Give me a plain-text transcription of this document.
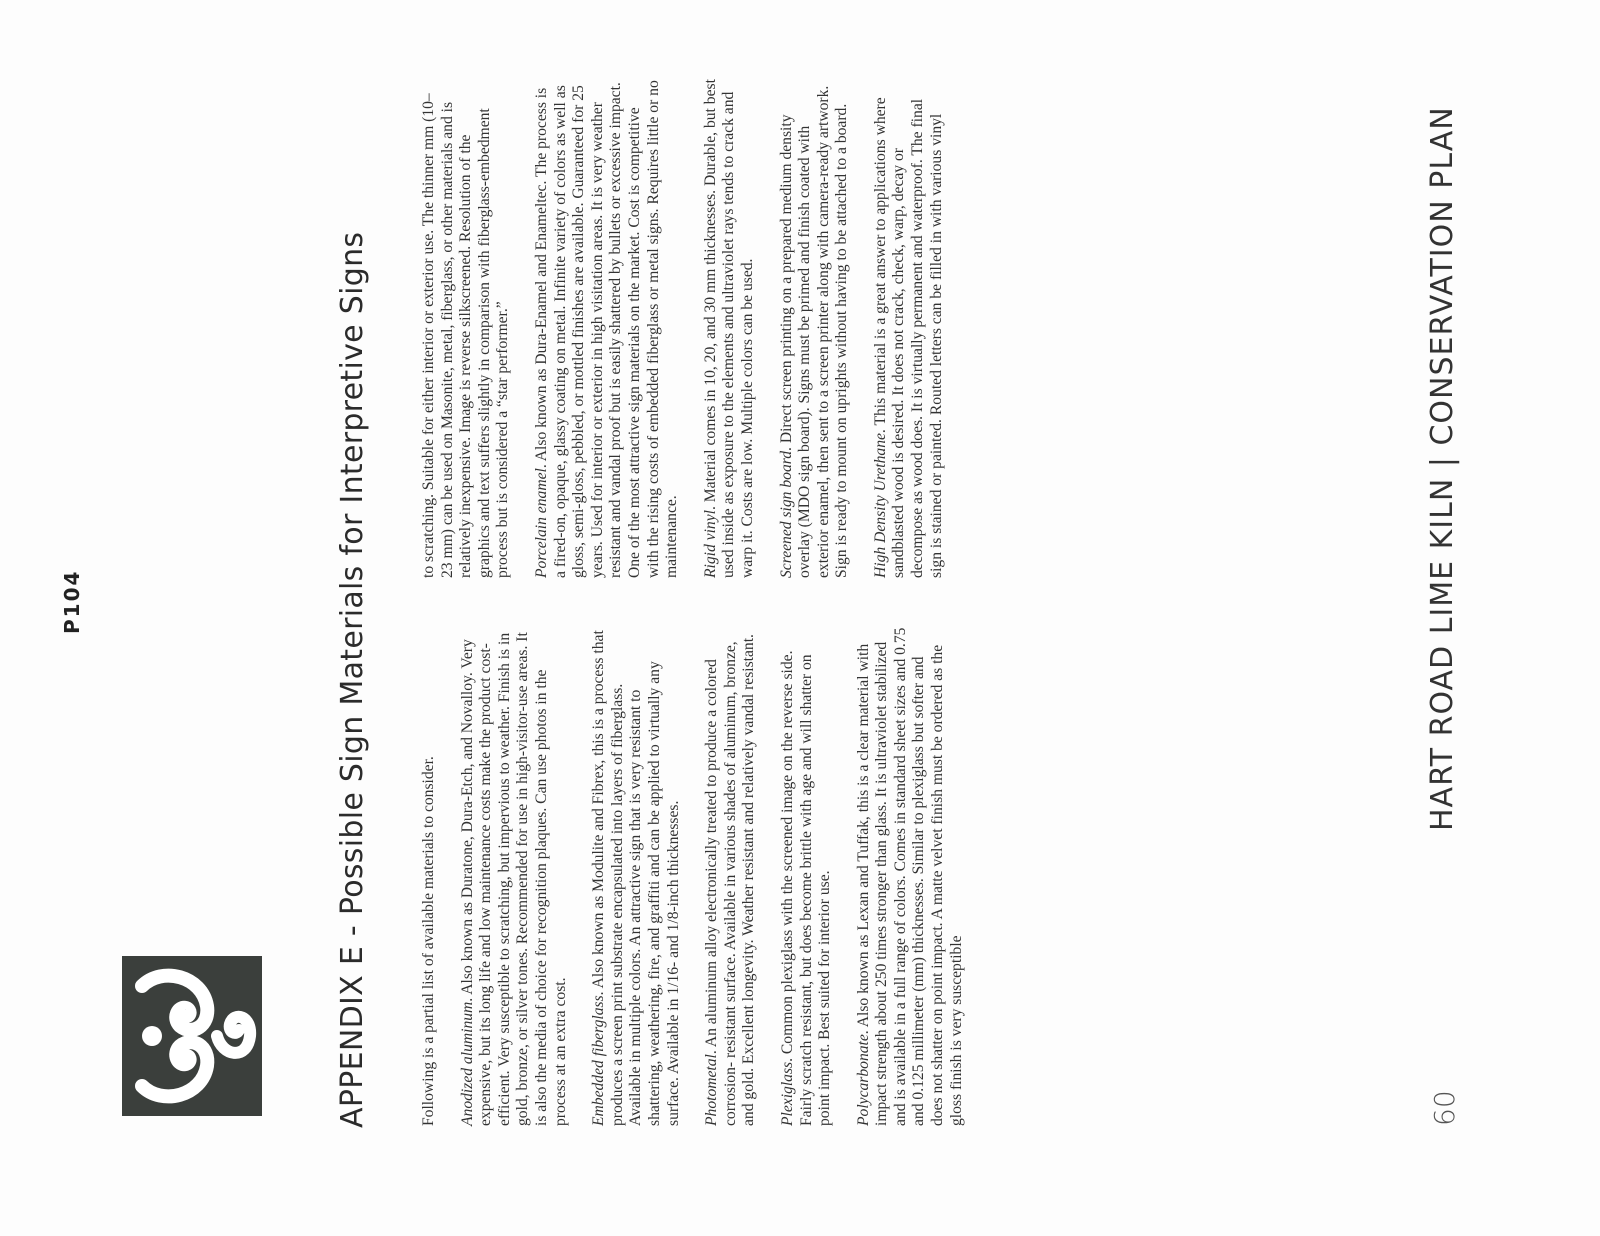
P104	APPENDIX E - Possible Sign Materials for Interpretive Signs	Following is a partial list of available materials to consider. Anodized aluminum. Also known as Duratone, Dura-Etch, and Novalloy. Very expensive, but its long life and low maintenance costs make the product cost-efficient. Very susceptible to scratching, but impervious to weather. Finish is in gold, bronze, or silver tones. Recommended for use in high-visitor-use areas. It is also the media of choice for recognition plaques. Can use photos in the process at an extra cost. Embedded fiberglass. Also known as Modulite and Fibrex, this is a process that produces a screen print substrate encapsulated into layers of fiberglass. Available in multiple colors. An attractive sign that is very resistant to shattering, weathering, fire, and graffiti and can be applied to virtually any surface. Available in 1/16- and 1/8-inch thicknesses. Photometal. An aluminum alloy electronically treated to produce a colored corrosion- resistant surface. Available in various shades of aluminum, bronze, and gold. Excellent longevity. Weather resistant and relatively vandal resistant. Plexiglass. Common plexiglass with the screened image on the reverse side. Fairly scratch resistant, but does become brittle with age and will shatter on point impact. Best suited for interior use. Polycarbonate. Also known as Lexan and Tuffak, this is a clear material with impact strength about 250 times stronger than glass. It is ultraviolet stabilized and is available in a full range of colors. Comes in standard sheet sizes and 0.75 and 0.125 millimeter (mm) thicknesses. Similar to plexiglass but softer and does not shatter on point impact. A matte velvet finish must be ordered as the gloss finish is very susceptible

to scratching. Suitable for either interior or exterior use. The thinner mm (10–23 mm) can be used on Masonite, metal, fiberglass, or other materials and is relatively inexpensive. Image is reverse silkscreened. Resolution of the graphics and text suffers slightly in comparison with fiberglass-embedment process but is considered a “star performer.” Porcelain enamel. Also known as Dura-Enamel and Enameltec. The process is a fired-on, opaque, glassy coating on metal. Infinite variety of colors as well as gloss, semi-gloss, pebbled, or mottled finishes are available. Guaranteed for 25 years. Used for interior or exterior in high visitation areas. It is very weather resistant and vandal proof but is easily shattered by bullets or excessive impact. One of the most attractive sign materials on the market. Cost is competitive with the rising costs of embedded fiberglass or metal signs. Requires little or no maintenance. Rigid vinyl. Material comes in 10, 20, and 30 mm thicknesses. Durable, but best used inside as exposure to the elements and ultraviolet rays tends to crack and warp it. Costs are low. Multiple colors can be used. Screened sign board. Direct screen printing on a prepared medium density overlay (MDO sign board). Signs must be primed and finish coated with exterior enamel, then sent to a screen printer along with camera-ready artwork. Sign is ready to mount on uprights without having to be attached to a board. High Density Urethane. This material is a great answer to applications where sandblasted wood is desired. It does not crack, check, warp, decay or decompose as wood does. It is virtually permanent and waterproof. The final sign is stained or painted. Routed letters can be filled in with various vinyl

60
HART ROAD LIME KILN | CONSERVATION PLAN
